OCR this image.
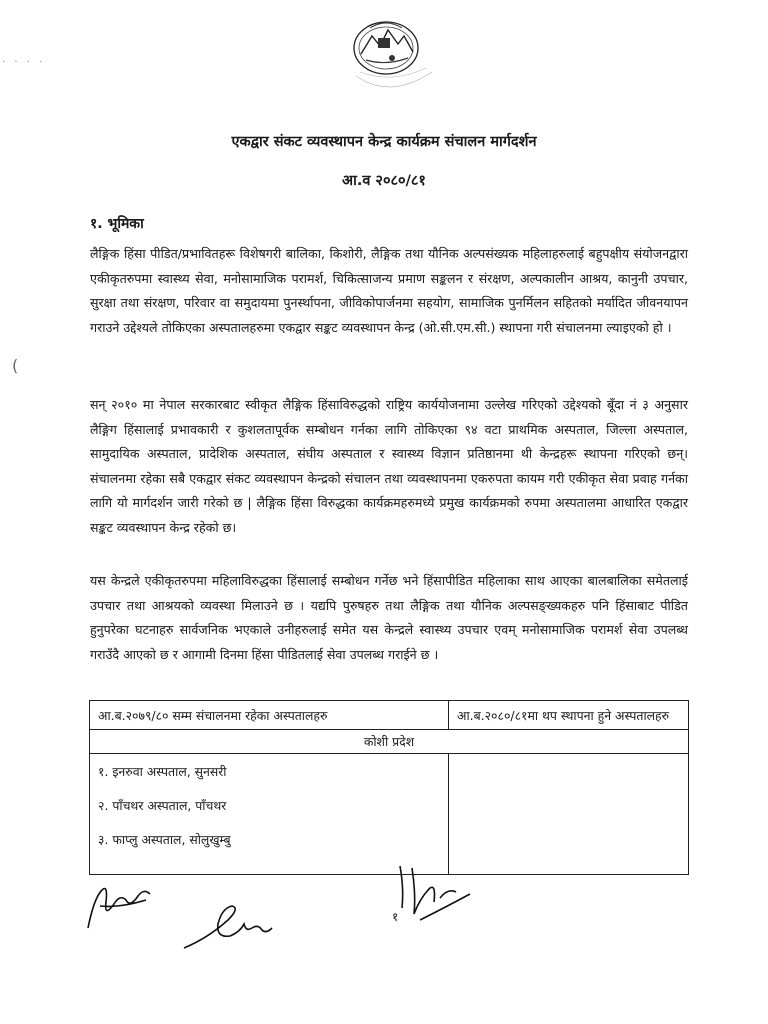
· · · ·
एकद्वार संकट व्यवस्थापन केन्द्र कार्यक्रम संचालन मार्गदर्शन
आ.व २०८०/८१
१. भूमिका
लैङ्गिक हिंसा पीडित/प्रभावितहरू विशेषगरी बालिका, किशोरी, लैङ्गिक तथा यौनिक अल्पसंख्यक महिलाहरुलाई बहुपक्षीय संयोजनद्वारा एकीकृतरुपमा स्वास्थ्य सेवा, मनोसामाजिक परामर्श, चिकित्साजन्य प्रमाण सङ्कलन र संरक्षण, अल्पकालीन आश्रय, कानुनी उपचार, सुरक्षा तथा संरक्षण, परिवार वा समुदायमा पुनर्स्थापना, जीविकोपार्जनमा सहयोग, सामाजिक पुनर्मिलन सहितको मर्यादित जीवनयापन गराउने उद्देश्यले तोकिएका अस्पतालहरुमा एकद्वार सङ्कट व्यवस्थापन केन्द्र (ओ.सी.एम.सी.) स्थापना गरी संचालनमा ल्याइएको हो ।
सन् २०१० मा नेपाल सरकारबाट स्वीकृत लैङ्गिक हिंसाविरुद्धको राष्ट्रिय कार्ययोजनामा उल्लेख गरिएको उद्देश्यको बूँदा नं ३ अनुसार लैङ्गिग हिंसालाई प्रभावकारी र कुशलतापूर्वक सम्बोधन गर्नका लागि तोकिएका ९४ वटा प्राथमिक अस्पताल, जिल्ला अस्पताल, सामुदायिक अस्पताल, प्रादेशिक अस्पताल, संघीय अस्पताल र स्वास्थ्य विज्ञान प्रतिष्ठानमा थी केन्द्रहरू स्थापना गरिएको छन्। संचालनमा रहेका सबै एकद्वार संकट व्यवस्थापन केन्द्रको संचालन तथा व्यवस्थापनमा एकरुपता कायम गरी एकीकृत सेवा प्रवाह गर्नका लागि यो मार्गदर्शन जारी गरेको छ | लैङ्गिक हिंसा विरुद्धका कार्यक्रमहरुमध्ये प्रमुख कार्यक्रमको रुपमा अस्पतालमा आधारित एकद्वार सङ्कट व्यवस्थापन केन्द्र रहेको छ।
यस केन्द्रले एकीकृतरुपमा महिलाविरुद्धका हिंसालाई सम्बोधन गर्नेछ भने हिंसापीडित महिलाका साथ आएका बालबालिका समेतलाई उपचार तथा आश्रयको व्यवस्था मिलाउने छ । यद्यपि पुरुषहरु तथा लैङ्गिक तथा यौनिक अल्पसङ्ख्यकहरु पनि हिंसाबाट पीडित हुनुपरेका घटनाहरु सार्वजनिक भएकाले उनीहरुलाई समेत यस केन्द्रले स्वास्थ्य उपचार एवम् मनोसामाजिक परामर्श सेवा उपलब्ध गराउँदै आएको छ र आगामी दिनमा हिंसा पीडितलाई सेवा उपलब्ध गराईने छ ।
(
आ.ब.२०७९/८० सम्म संचालनमा रहेका अस्पतालहरु	आ.ब.२०८०/८१मा थप स्थापना हुने अस्पतालहरु
कोशी प्रदेश	

१. इनरुवा अस्पताल, सुनसरी
२. पाँचथर अस्पताल, पाँचथर
३. फाप्लु अस्पताल, सोलुखुम्बु	

१
